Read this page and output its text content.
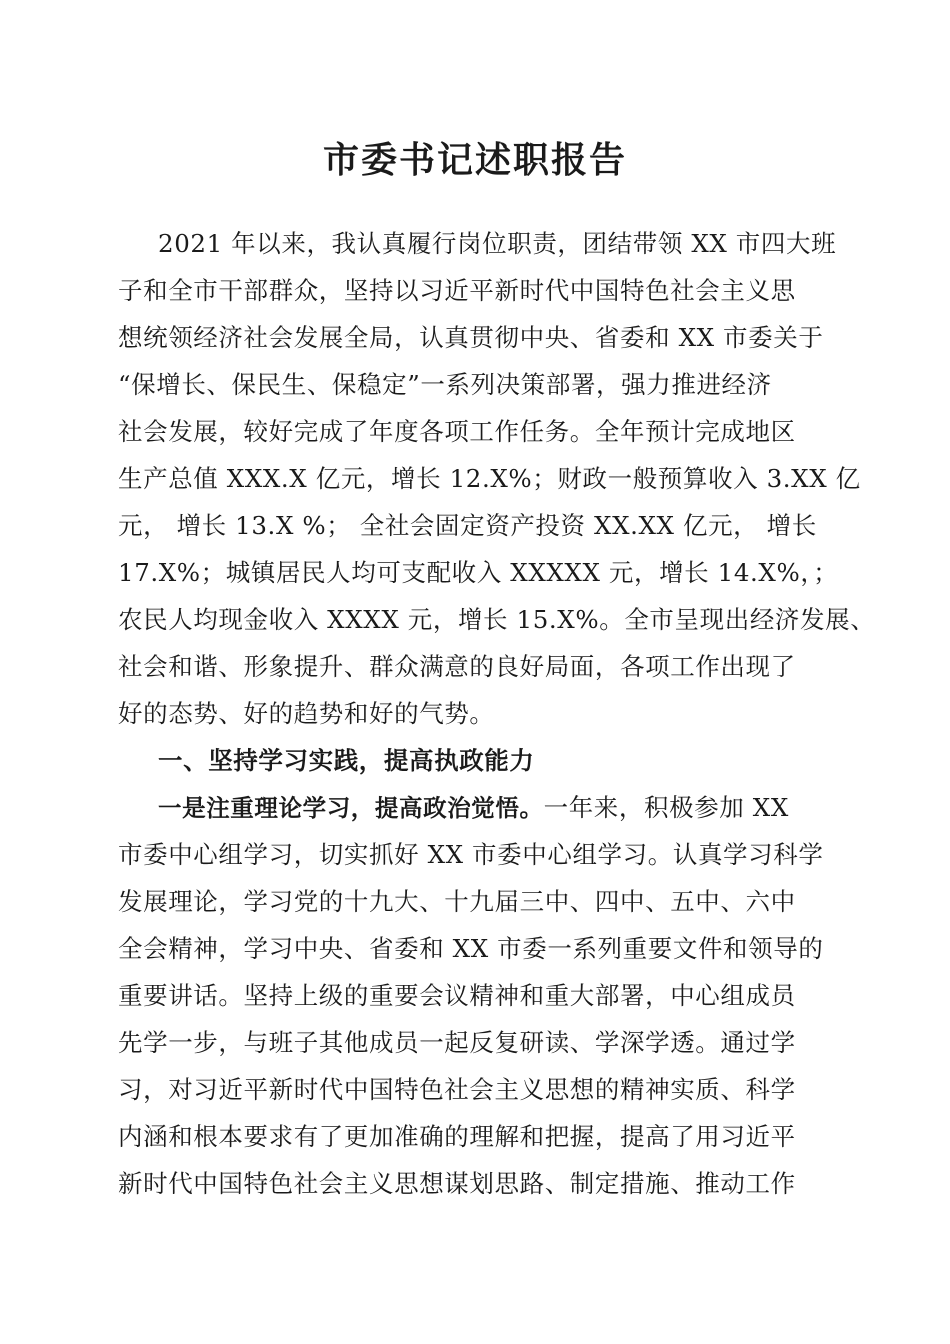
市委书记述职报告
2021 年以来，我认真履行岗位职责，团结带领 XX 市四大班
子和全市干部群众，坚持以习近平新时代中国特色社会主义思
想统领经济社会发展全局，认真贯彻中央、省委和 XX 市委关于
“保增长、保民生、保稳定”一系列决策部署，强力推进经济
社会发展，较好完成了年度各项工作任务。全年预计完成地区
生产总值 XXX.X 亿元，增长 12.X%；财政一般预算收入 3.XX 亿
元， 增长 13.X %； 全社会固定资产投资 XX.XX 亿元， 增长
17.X%；城镇居民人均可支配收入 XXXXX 元，增长 14.X%，；
农民人均现金收入 XXXX 元，增长 15.X%。全市呈现出经济发展、
社会和谐、形象提升、群众满意的良好局面，各项工作出现了
好的态势、好的趋势和好的气势。
一、坚持学习实践，提高执政能力
一是注重理论学习，提高政治觉悟。一年来，积极参加 XX
市委中心组学习，切实抓好 XX 市委中心组学习。认真学习科学
发展理论，学习党的十九大、十九届三中、四中、五中、六中
全会精神，学习中央、省委和 XX 市委一系列重要文件和领导的
重要讲话。坚持上级的重要会议精神和重大部署，中心组成员
先学一步，与班子其他成员一起反复研读、学深学透。通过学
习，对习近平新时代中国特色社会主义思想的精神实质、科学
内涵和根本要求有了更加准确的理解和把握，提高了用习近平
新时代中国特色社会主义思想谋划思路、制定措施、推动工作
